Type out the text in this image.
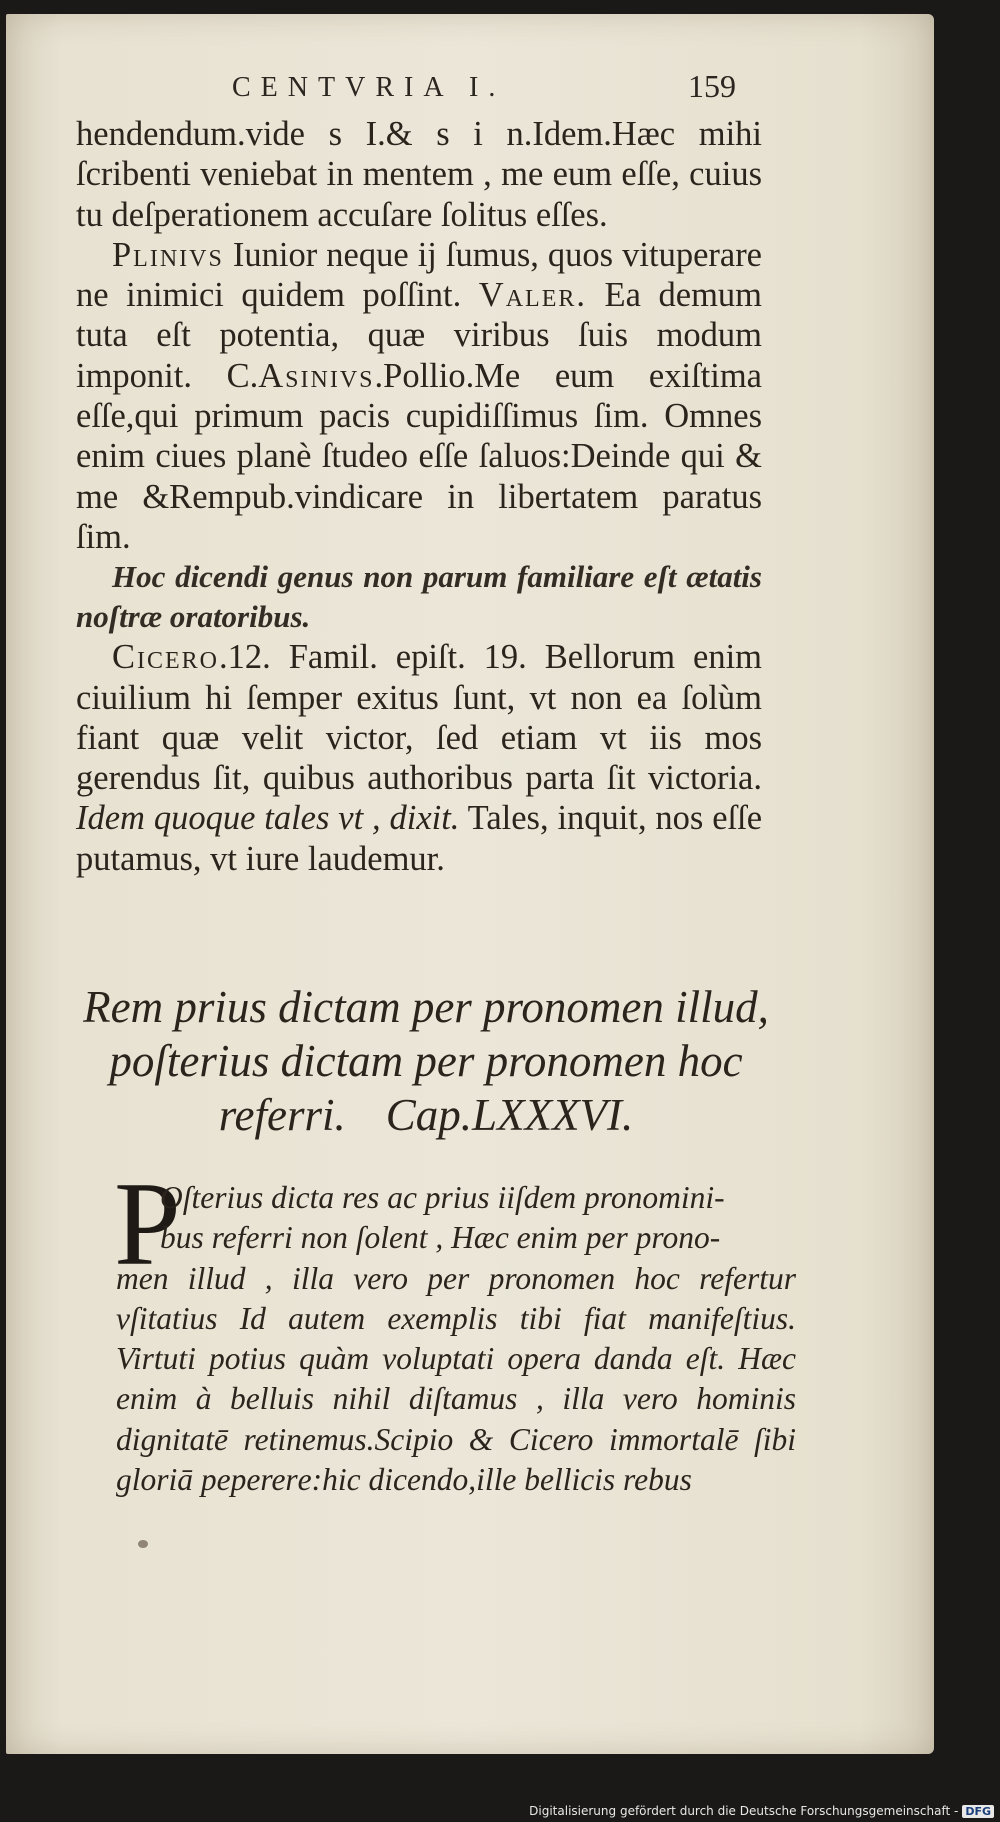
CENTVRIA I.	159

hendendum.vide s I.& s i n.Idem.Hæc mihi ſcribenti veniebat in mentem , me eum eſſe, cuius tu deſperationem accuſare ſolitus eſſes.

Plinivs Iunior neque ij ſumus, quos vituperare ne inimici quidem poſſint. Valer. Ea demum tuta eſt potentia, quæ viribus ſuis modum imponit. C.Asinivs.Pollio.Me eum exiſtima eſſe,qui primum pacis cupidiſſimus ſim. Omnes enim ciues planè ſtudeo eſſe ſaluos:Deinde qui & me &Rempub.vindicare in libertatem paratus ſim.

Hoc dicendi genus non parum familiare eſt ætatis noſtræ oratoribus.

Cicero.12. Famil. epiſt. 19. Bellorum enim ciuilium hi ſemper exitus ſunt, vt non ea ſolùm fiant quæ velit victor, ſed etiam vt iis mos gerendus ſit, quibus authoribus parta ſit victoria. Idem quoque tales vt , dixit. Tales, inquit, nos eſſe putamus, vt iure laudemur.

Rem prius dictam per pronomen illud,
poſterius dictam per pronomen hoc
referri. Cap.LXXXVI.
P
Oſterius dicta res ac prius iiſdem pronomini-
bus referri non ſolent , Hæc enim per prono-
men illud , illa vero per pronomen hoc refertur vſitatius Id autem exemplis tibi fiat manifeſtius. Virtuti potius quàm voluptati opera danda eſt. Hæc enim à belluis nihil diſtamus , illa vero hominis dignitatē retinemus.Scipio & Cicero immortalē ſibi gloriā pepererе:hic dicendo,ille bellicis rebus
Digitalisierung gefördert durch die Deutsche Forschungsgemeinschaft - DFG
